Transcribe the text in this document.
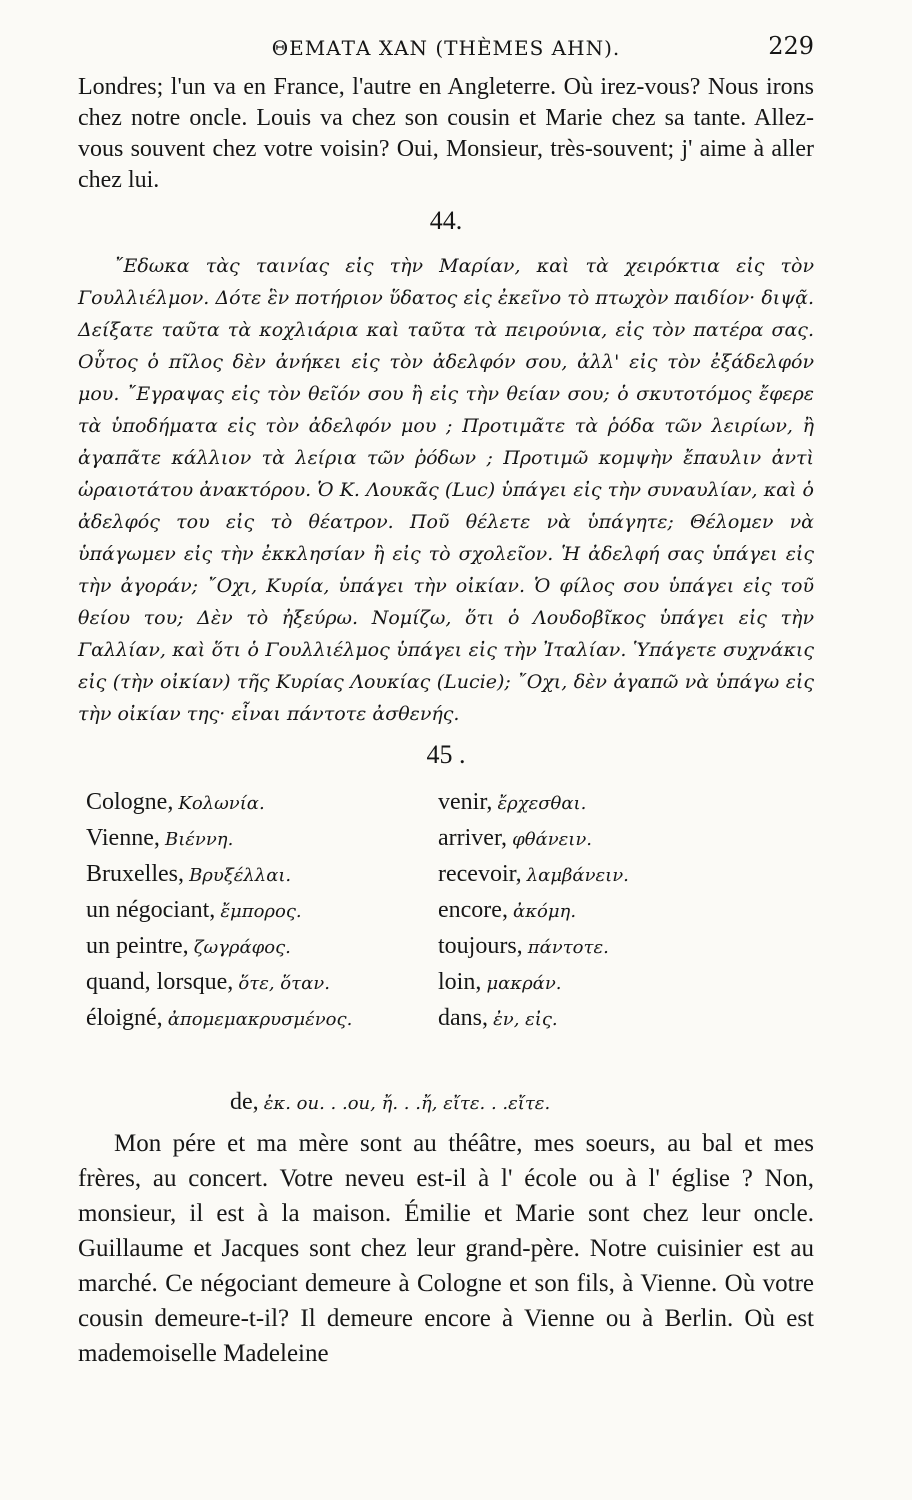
ΘΕΜΑΤΑ ΧΑΝ (THÈMES AHN).	229

Londres; l'un va en France, l'autre en Angleterre. Où irez-vous? Nous irons chez notre oncle. Louis va chez son cousin et Marie chez sa tante. Allez-vous souvent chez votre voisin? Oui, Monsieur, très-souvent; j' aime à aller chez lui.

44.

῎Εδωκα τὰς ταινίας εἰς τὴν Μαρίαν, καὶ τὰ χειρόκτια εἰς τὸν Γουλλιέλμον. Δότε ἓν ποτήριον ὕδατος εἰς ἐκεῖνο τὸ πτωχὸν παιδίον· διψᾷ. Δείξατε ταῦτα τὰ κοχλιάρια καὶ ταῦτα τὰ πειρούνια, εἰς τὸν πατέρα σας. Οὗτος ὁ πῖλος δὲν ἀνήκει εἰς τὸν ἀδελφόν σου, ἀλλ' εἰς τὸν ἐξάδελφόν μου. ῎Εγραψας εἰς τὸν θεῖόν σου ἢ εἰς τὴν θείαν σου; ὁ σκυτοτόμος ἔφερε τὰ ὑποδήματα εἰς τὸν ἀδελφόν μου ; Προτιμᾶτε τὰ ῥόδα τῶν λειρίων, ἢ ἀγαπᾶτε κάλλιον τὰ λείρια τῶν ῥόδων ; Προτιμῶ κομψὴν ἔπαυλιν ἀντὶ ὡραιοτάτου ἀνακτόρου. Ὁ Κ. Λουκᾶς (Luc) ὑπάγει εἰς τὴν συναυλίαν, καὶ ὁ ἀδελφός του εἰς τὸ θέατρον. Ποῦ θέλετε νὰ ὑπάγητε; Θέλομεν νὰ ὑπάγωμεν εἰς τὴν ἐκκλησίαν ἢ εἰς τὸ σχολεῖον. Ἡ ἀδελφή σας ὑπάγει εἰς τὴν ἀγοράν; ῎Οχι, Κυρία, ὑπάγει τὴν οἰκίαν. Ὁ φίλος σου ὑπάγει εἰς τοῦ θείου του; Δὲν τὸ ἠξεύρω. Νομίζω, ὅτι ὁ Λουδοβῖκος ὑπάγει εἰς τὴν Γαλλίαν, καὶ ὅτι ὁ Γουλλιέλμος ὑπάγει εἰς τὴν Ἰταλίαν. Ὑπάγετε συχνάκις εἰς (τὴν οἰκίαν) τῆς Κυρίας Λουκίας (Lucie); ῎Οχι, δὲν ἀγαπῶ νὰ ὑπάγω εἰς τὴν οἰκίαν της· εἶναι πάντοτε ἀσθενής.

45 .
Cologne, Κολωνία.
Vienne, Βιέννη.
Bruxelles, Βρυξέλλαι.
un négociant, ἔμπορος.
un peintre, ζωγράφος.
quand, lorsque, ὅτε, ὅταν.
éloigné, ἀπομεμακρυσμένος.
venir, ἔρχεσθαι.
arriver, φθάνειν.
recevoir, λαμβάνειν.
encore, ἀκόμη.
toujours, πάντοτε.
loin, μακράν.
dans, ἐν, εἰς.
de, ἐκ. ou. . .ou, ἤ. . .ἤ, εἴτε. . .εἴτε.

Mon pére et ma mère sont au théâtre, mes soeurs, au bal et mes frères, au concert. Votre neveu est-il à l' école ou à l' église ? Non, monsieur, il est à la maison. Émilie et Marie sont chez leur oncle. Guillaume et Jacques sont chez leur grand-père. Notre cuisinier est au marché. Ce négociant demeure à Cologne et son fils, à Vienne. Où votre cousin demeure-t-il? Il demeure encore à Vienne ou à Berlin. Où est mademoiselle Madeleine
